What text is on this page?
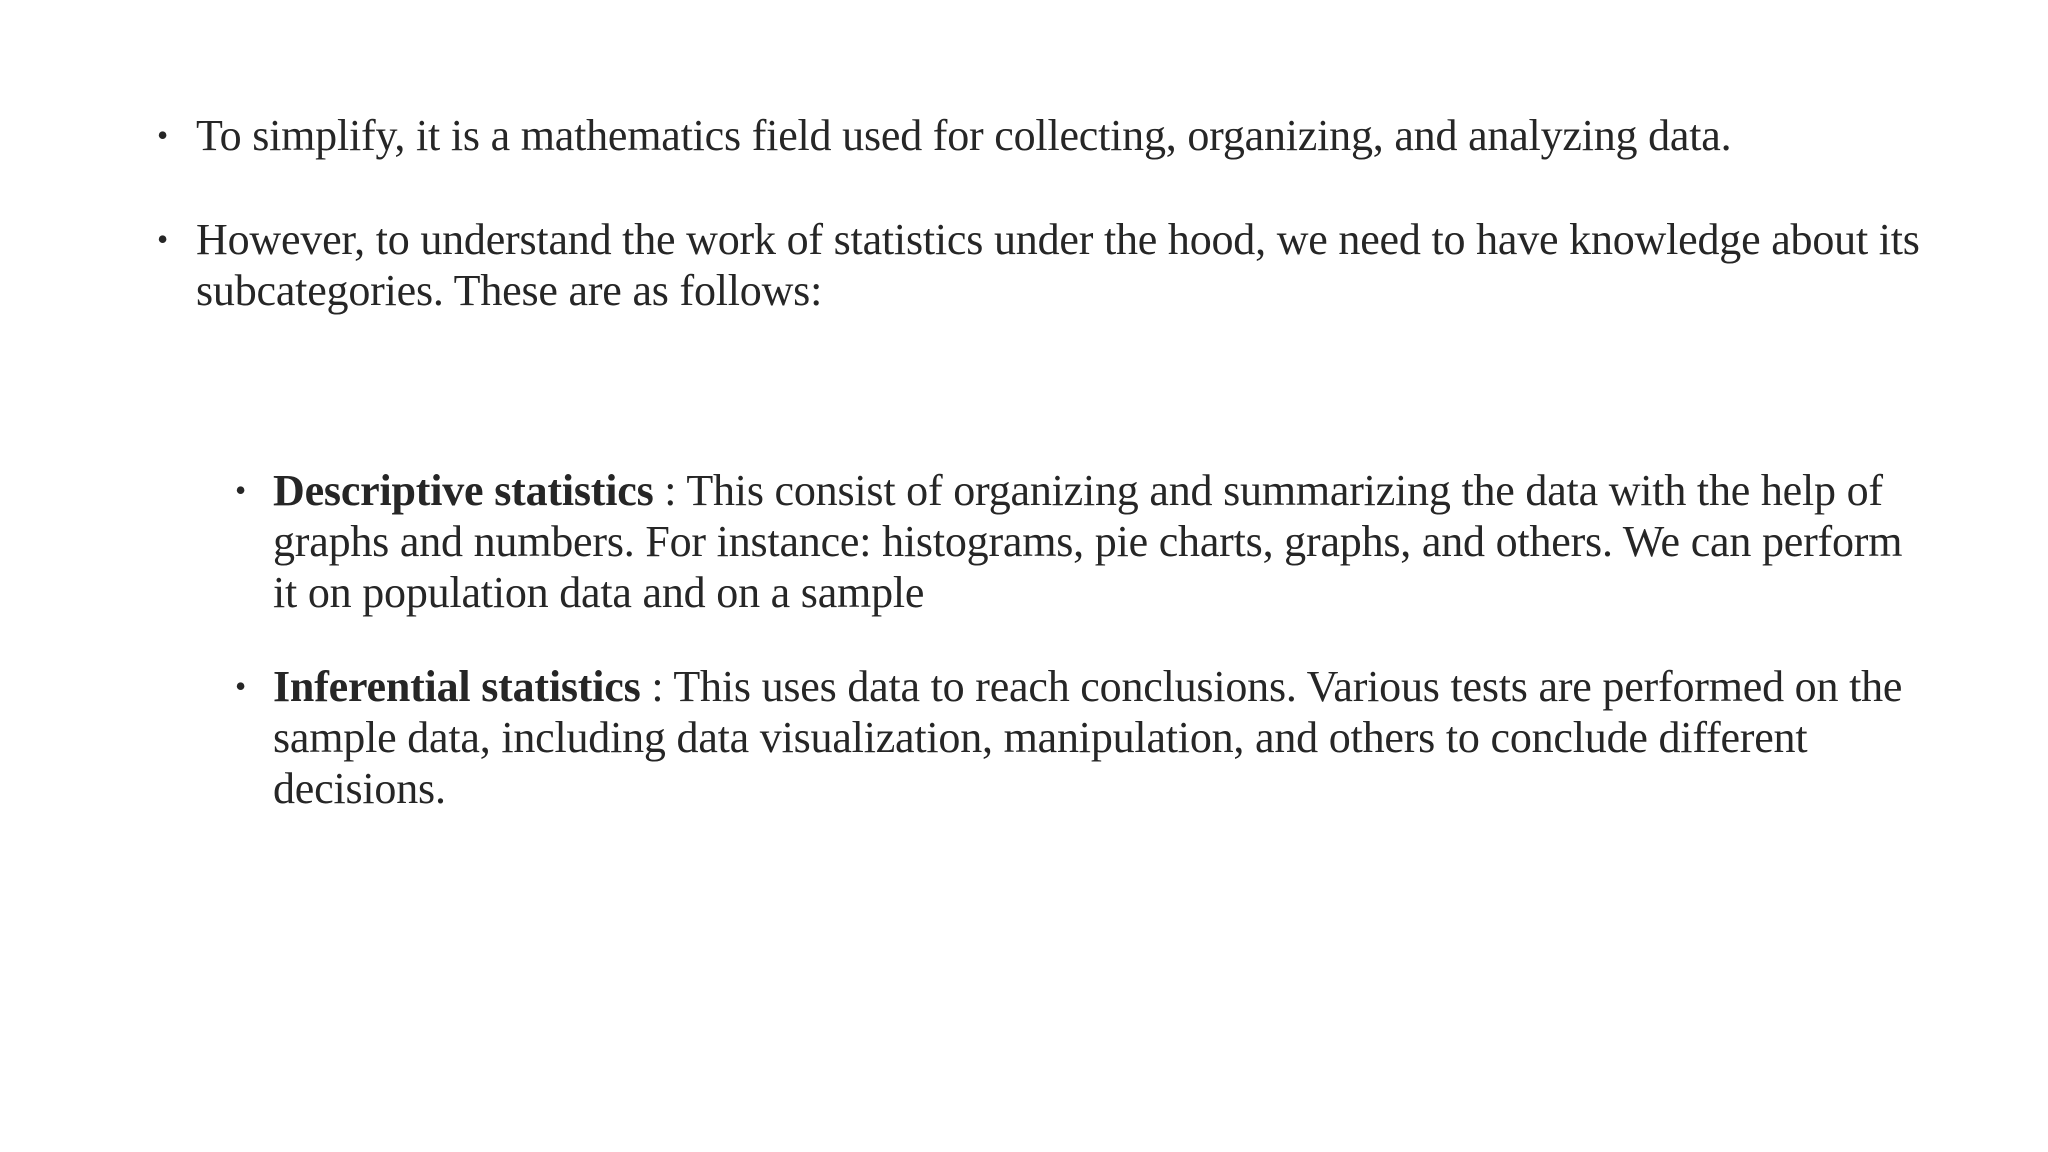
• To simplify, it is a mathematics field used for collecting, organizing, and analyzing data.
• However, to understand the work of statistics under the hood, we need to have knowledge about its subcategories. These are as follows:
• Descriptive statistics : This consist of organizing and summarizing the data with the help of graphs and numbers. For instance: histograms, pie charts, graphs, and others. We can perform it on population data and on a sample
• Inferential statistics : This uses data to reach conclusions. Various tests are performed on the sample data, including data visualization, manipulation, and others to conclude different decisions.
